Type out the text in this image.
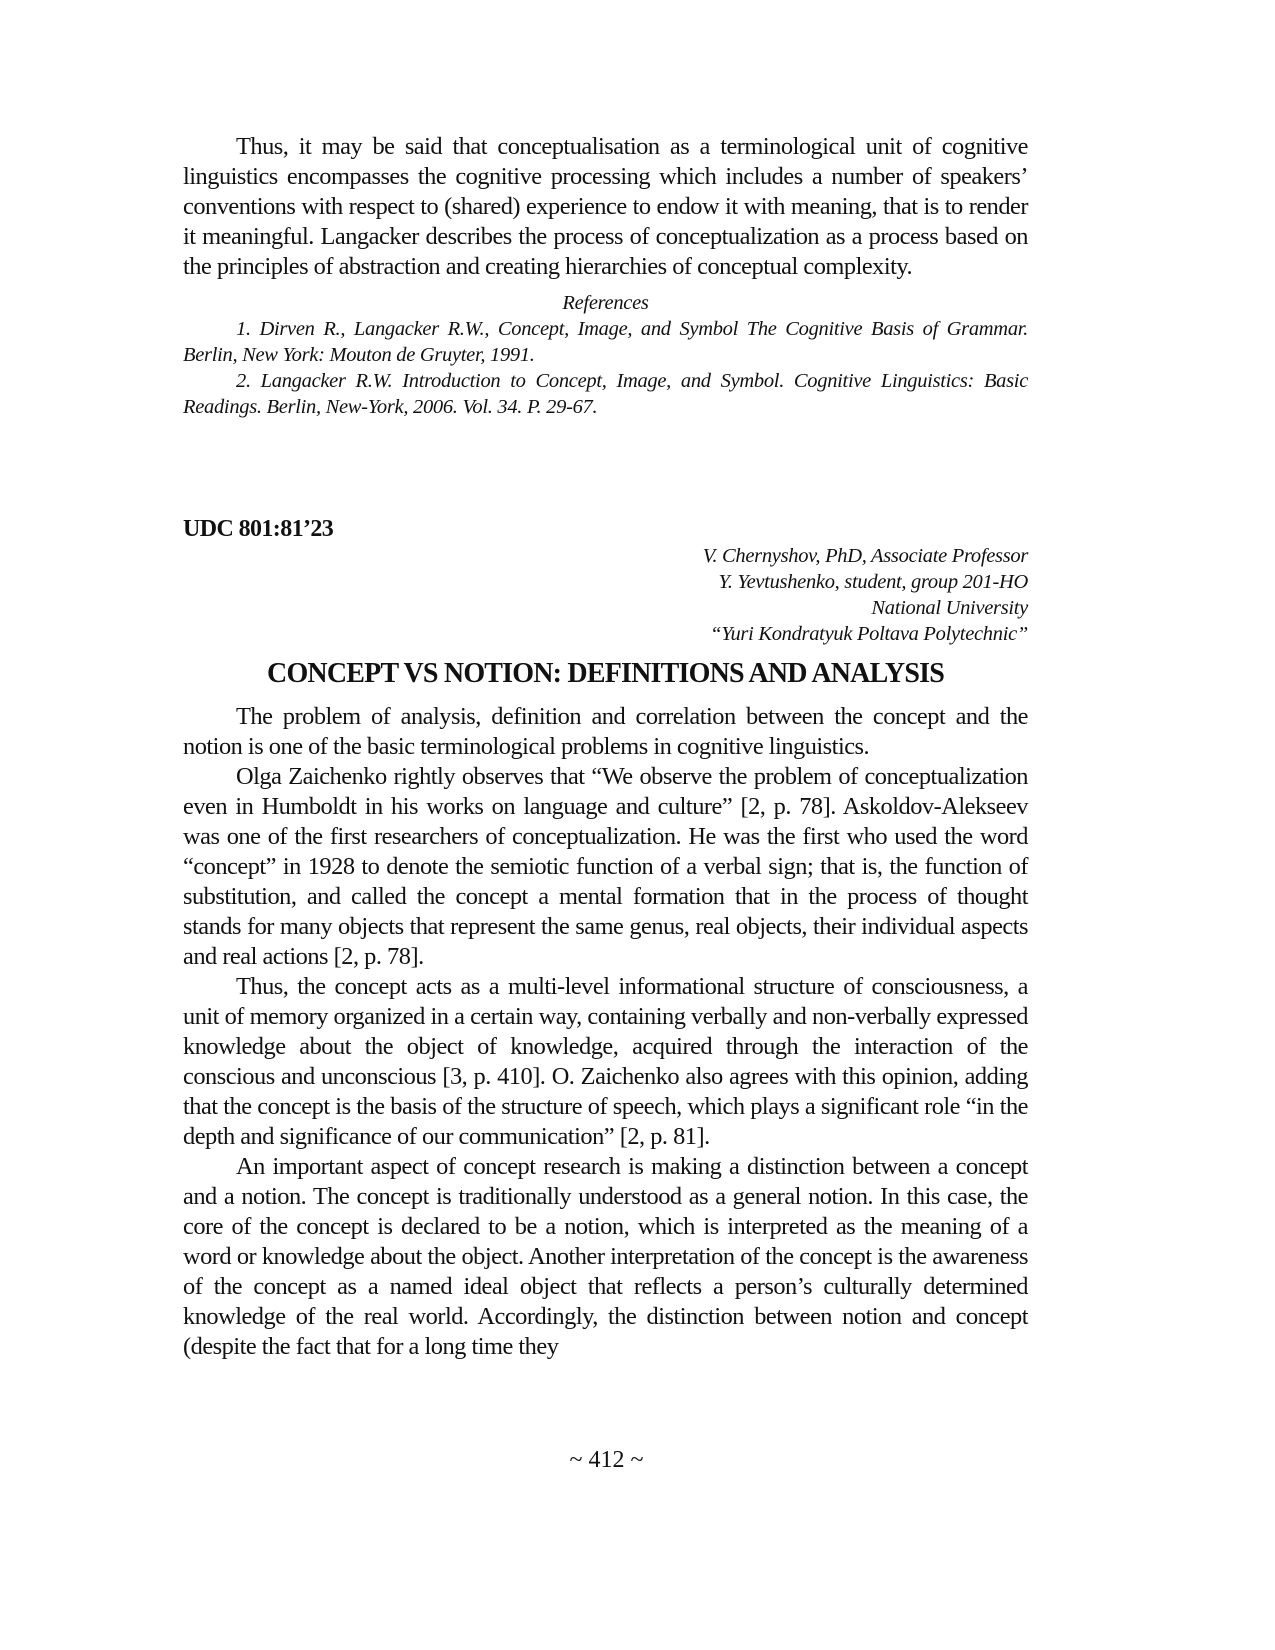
Thus, it may be said that conceptualisation as a terminological unit of cognitive linguistics encompasses the cognitive processing which includes a number of speakers’ conventions with respect to (shared) experience to endow it with meaning, that is to render it meaningful. Langacker describes the process of conceptualization as a process based on the principles of abstraction and creating hierarchies of conceptual complexity.

References

1. Dirven R., Langacker R.W., Concept, Image, and Symbol The Cognitive Basis of Grammar. Berlin, New York: Mouton de Gruyter, 1991.

2. Langacker R.W. Introduction to Concept, Image, and Symbol. Cognitive Linguistics: Basic Readings. Berlin, New-York, 2006. Vol. 34. P. 29-67.

UDC 801:81’23

V. Chernyshov, PhD, Associate Professor
Y. Yevtushenko, student, group 201-HO
National University
“Yuri Kondratyuk Poltava Polytechnic”
CONCEPT VS NOTION: DEFINITIONS AND ANALYSIS

The problem of analysis, definition and correlation between the concept and the notion is one of the basic terminological problems in cognitive linguistics.

Olga Zaichenko rightly observes that “We observe the problem of conceptualization even in Humboldt in his works on language and culture” [2, p. 78]. Askoldov-Alekseev was one of the first researchers of conceptualization. He was the first who used the word “concept” in 1928 to denote the semiotic function of a verbal sign; that is, the function of substitution, and called the concept a mental formation that in the process of thought stands for many objects that represent the same genus, real objects, their individual aspects and real actions [2, p. 78].

Thus, the concept acts as a multi-level informational structure of consciousness, a unit of memory organized in a certain way, containing verbally and non-verbally expressed knowledge about the object of knowledge, acquired through the interaction of the conscious and unconscious [3, p. 410]. O. Zaichenko also agrees with this opinion, adding that the concept is the basis of the structure of speech, which plays a significant role “in the depth and significance of our communication” [2, p. 81].

An important aspect of concept research is making a distinction between a concept and a notion. The concept is traditionally understood as a general notion. In this case, the core of the concept is declared to be a notion, which is interpreted as the meaning of a word or knowledge about the object. Another interpretation of the concept is the awareness of the concept as a named ideal object that reflects a person’s culturally determined knowledge of the real world. Accordingly, the distinction between notion and concept (despite the fact that for a long time they

~ 412 ~
